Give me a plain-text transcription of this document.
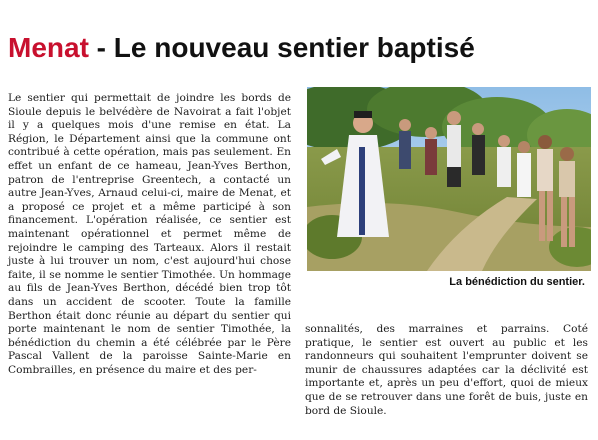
Menat - Le nouveau sentier baptisé

Le sentier qui permettait de joindre les bords de Sioule depuis le belvédère de Navoirat a fait l'objet il y a quelques mois d'une remise en état. La Région, le Département ainsi que la commune ont contribué à cette opération, mais pas seulement. En effet un enfant de ce hameau, Jean-Yves Berthon, patron de l'entreprise Greentech, a contacté un autre Jean-Yves, Arnaud celui-ci, maire de Menat, et a proposé ce projet et a même participé à son financement. L'opération réalisée, ce sentier est maintenant opérationnel et permet même de rejoindre le camping des Tarteaux. Alors il restait juste à lui trouver un nom, c'est aujourd'hui chose faite, il se nomme le sentier Timothée. Un hommage au fils de Jean-Yves Berthon, décédé bien trop tôt dans un accident de scooter. Toute la famille Berthon était donc réunie au départ du sentier qui porte maintenant le nom de sentier Timothée, la bénédiction du chemin a été célébrée par le Père Pascal Vallent de la paroisse Sainte-Marie en Combrailles, en présence du maire et des per-

La bénédiction du sentier.

sonnalités, des marraines et parrains. Coté pratique, le sentier est ouvert au public et les randonneurs qui souhaitent l'emprunter doivent se munir de chaussures adaptées car la déclivité est importante et, après un peu d'effort, quoi de mieux que de se retrouver dans une forêt de buis, juste en bord de Sioule.
